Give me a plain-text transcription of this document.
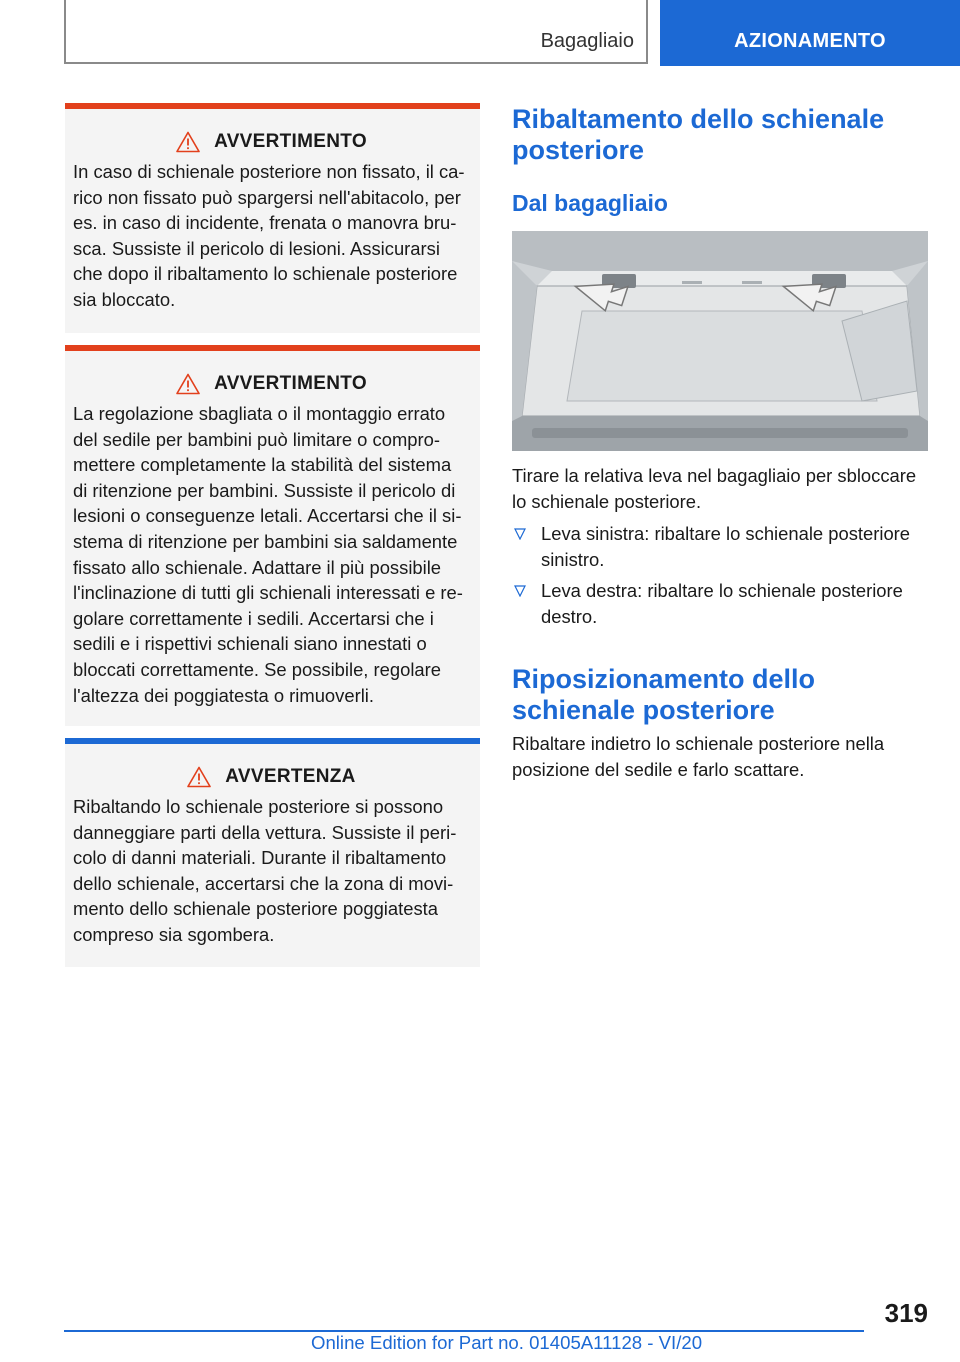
Bagagliaio	AZIONAMENTO
AVVERTIMENTO
In caso di schienale posteriore non fissato, il ca-
rico non fissato può spargersi nell'abitacolo, per
es. in caso di incidente, frenata o manovra bru-
sca. Sussiste il pericolo di lesioni. Assicurarsi
che dopo il ribaltamento lo schienale posteriore
sia bloccato.
AVVERTIMENTO
La regolazione sbagliata o il montaggio errato
del sedile per bambini può limitare o compro-
mettere completamente la stabilità del sistema
di ritenzione per bambini. Sussiste il pericolo di
lesioni o conseguenze letali. Accertarsi che il si-
stema di ritenzione per bambini sia saldamente
fissato allo schienale. Adattare il più possibile
l'inclinazione di tutti gli schienali interessati e re-
golare correttamente i sedili. Accertarsi che i
sedili e i rispettivi schienali siano innestati o
bloccati correttamente. Se possibile, regolare
l'altezza dei poggiatesta o rimuoverli.
AVVERTENZA
Ribaltando lo schienale posteriore si possono
danneggiare parti della vettura. Sussiste il peri-
colo di danni materiali. Durante il ribaltamento
dello schienale, accertarsi che la zona di movi-
mento dello schienale posteriore poggiatesta
compreso sia sgombera.
Ribaltamento dello schienale
posteriore
Dal bagagliaio
Tirare la relativa leva nel bagagliaio per sbloccare
lo schienale posteriore.
Leva sinistra: ribaltare lo schienale posteriore
sinistro.
Leva destra: ribaltare lo schienale posteriore
destro.
Riposizionamento dello
schienale posteriore
Ribaltare indietro lo schienale posteriore nella
posizione del sedile e farlo scattare.
319
Online Edition for Part no. 01405A11128 - VI/20
